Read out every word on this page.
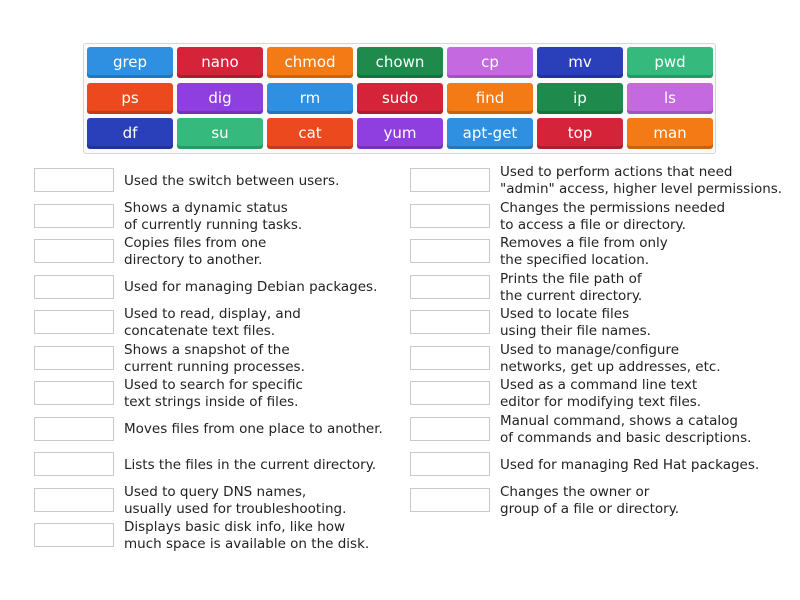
grep	nano	chmod	chown	cp	mv	pwd
ps	dig	rm	sudo	find	ip	ls
df	su	cat	yum	apt-get	top	man
Used the switch between users.
Shows a dynamic status
of currently running tasks.
Copies files from one
directory to another.
Used for managing Debian packages.
Used to read, display, and
concatenate text files.
Shows a snapshot of the
current running processes.
Used to search for specific
text strings inside of files.
Moves files from one place to another.
Lists the files in the current directory.
Used to query DNS names,
usually used for troubleshooting.
Displays basic disk info, like how
much space is available on the disk.
Used to perform actions that need
"admin" access, higher level permissions.
Changes the permissions needed
to access a file or directory.
Removes a file from only
the specified location.
Prints the file path of
the current directory.
Used to locate files
using their file names.
Used to manage/configure
networks, get up addresses, etc.
Used as a command line text
editor for modifying text files.
Manual command, shows a catalog
of commands and basic descriptions.
Used for managing Red Hat packages.
Changes the owner or
group of a file or directory.
